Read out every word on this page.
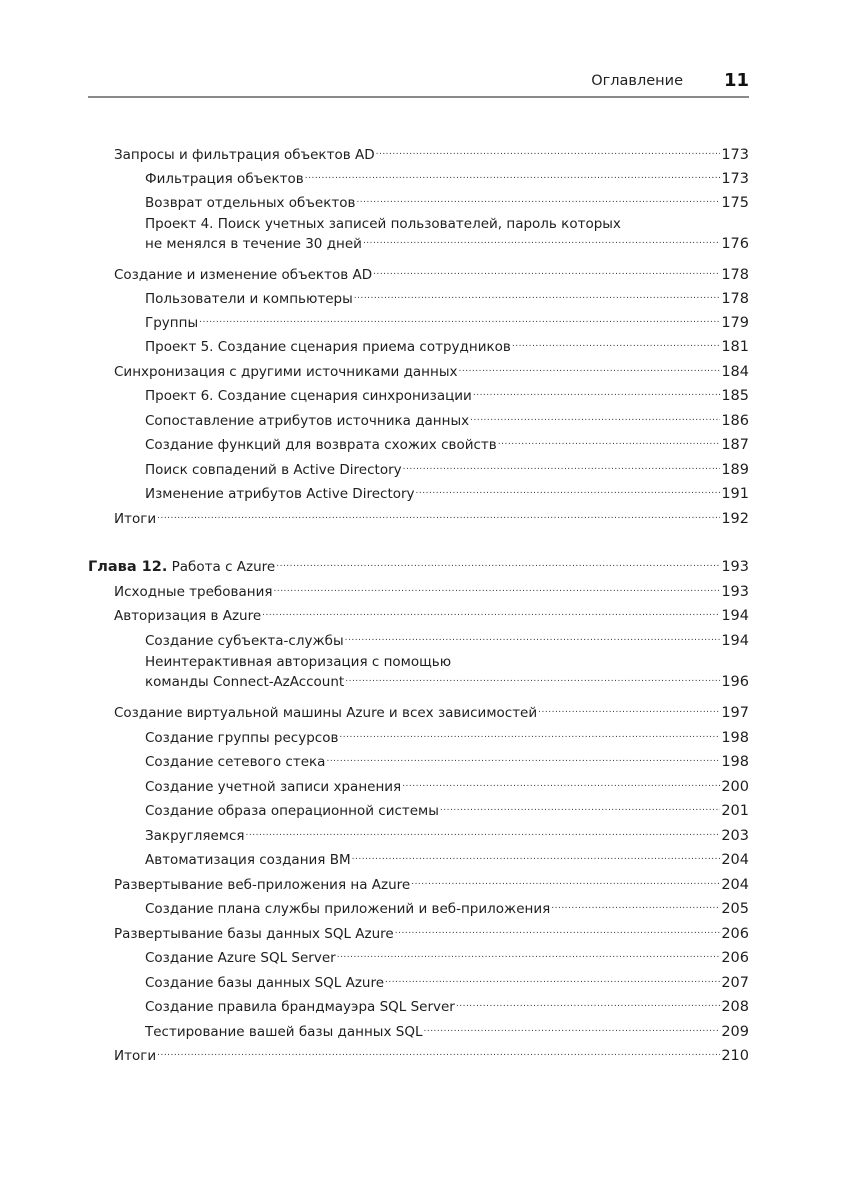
Оглавление 11
Запросы и фильтрация объектов AD .....	173
Фильтрация объектов .....	173
Возврат отдельных объектов .....	175
Проект 4. Поиск учетных записей пользователей, пароль которых
не менялся в течение 30 дней .....	176
Создание и изменение объектов AD .....	178
Пользователи и компьютеры .....	178
Группы .....	179
Проект 5. Создание сценария приема сотрудников .....	181
Синхронизация с другими источниками данных .....	184
Проект 6. Создание сценария синхронизации .....	185
Сопоставление атрибутов источника данных .....	186
Создание функций для возврата схожих свойств .....	187
Поиск совпадений в Active Directory .....	189
Изменение атрибутов Active Directory .....	191
Итоги .....	192
Глава 12.
Работа с Azure .....	193
Исходные требования .....	193
Авторизация в Azure .....	194
Создание субъекта-службы .....	194
Неинтерактивная авторизация с помощью
команды Connect-AzAccount .....	196
Создание виртуальной машины Azure и всех зависимостей .....	197
Создание группы ресурсов .....	198
Создание сетевого стека .....	198
Создание учетной записи хранения .....	200
Создание образа операционной системы .....	201
Закругляемся .....	203
Автоматизация создания ВМ .....	204
Развертывание веб-приложения на Azure .....	204
Создание плана службы приложений и веб-приложения .....	205
Развертывание базы данных SQL Azure .....	206
Создание Azure SQL Server .....	206
Создание базы данных SQL Azure .....	207
Создание правила брандмауэра SQL Server .....	208
Тестирование вашей базы данных SQL .....	209
Итоги .....	210
